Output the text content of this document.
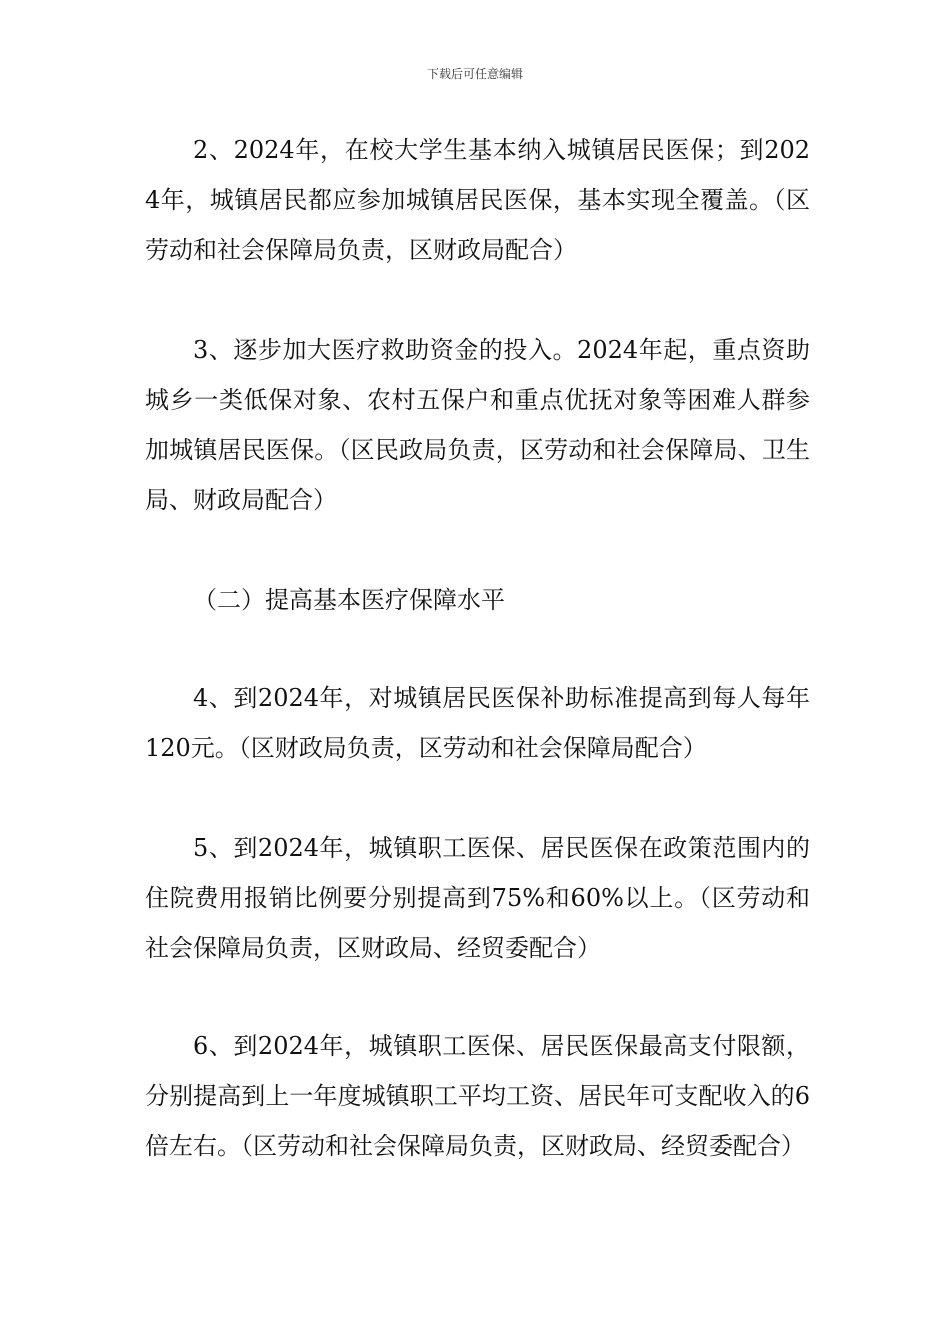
下载后可任意编辑

2、2024年，在校大学生基本纳入城镇居民医保；到2024年，城镇居民都应参加城镇居民医保，基本实现全覆盖。（区劳动和社会保障局负责，区财政局配合）

3、逐步加大医疗救助资金的投入。2024年起，重点资助城乡一类低保对象、农村五保户和重点优抚对象等困难人群参加城镇居民医保。（区民政局负责，区劳动和社会保障局、卫生局、财政局配合）

（二）提高基本医疗保障水平

4、到2024年，对城镇居民医保补助标准提高到每人每年120元。（区财政局负责，区劳动和社会保障局配合）

5、到2024年，城镇职工医保、居民医保在政策范围内的住院费用报销比例要分别提高到75%和60%以上。（区劳动和社会保障局负责，区财政局、经贸委配合）

6、到2024年，城镇职工医保、居民医保最高支付限额，分别提高到上一年度城镇职工平均工资、居民年可支配收入的6倍左右。（区劳动和社会保障局负责，区财政局、经贸委配合）
